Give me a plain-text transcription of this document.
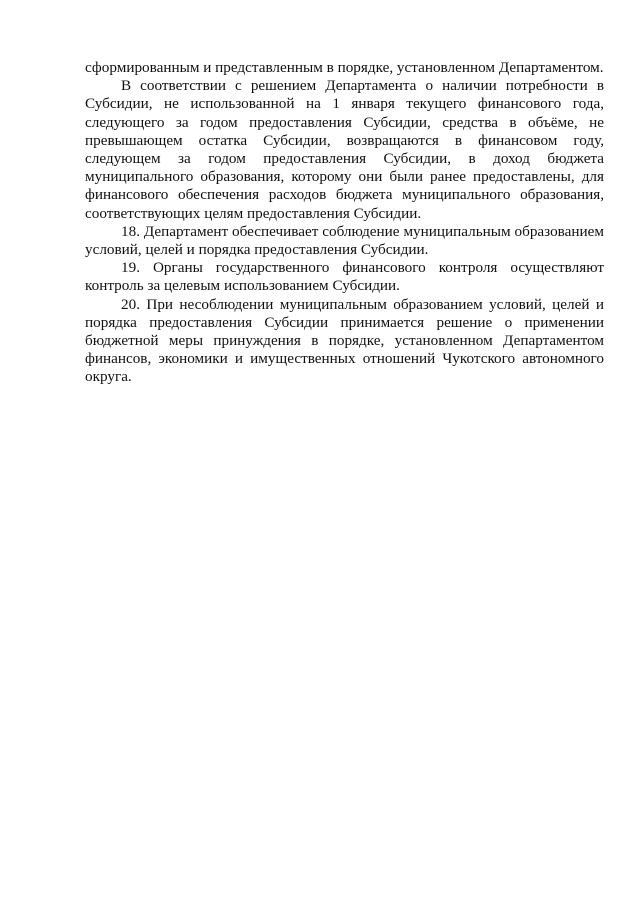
сформированным и представленным в порядке, установленном Департаментом.

В соответствии с решением Департамента о наличии потребности в Субсидии, не использованной на 1 января текущего финансового года, следующего за годом предоставления Субсидии, средства в объёме, не превышающем остатка Субсидии, возвращаются в финансовом году, следующем за годом предоставления Субсидии, в доход бюджета муниципального образования, которому они были ранее предоставлены, для финансового обеспечения расходов бюджета муниципального образования, соответствующих целям предоставления Субсидии.

18. Департамент обеспечивает соблюдение муниципальным образованием условий, целей и порядка предоставления Субсидии.

19. Органы государственного финансового контроля осуществляют контроль за целевым использованием Субсидии.

20. При несоблюдении муниципальным образованием условий, целей и порядка предоставления Субсидии принимается решение о применении бюджетной меры принуждения в порядке, установленном Департаментом финансов, экономики и имущественных отношений Чукотского автономного округа.
